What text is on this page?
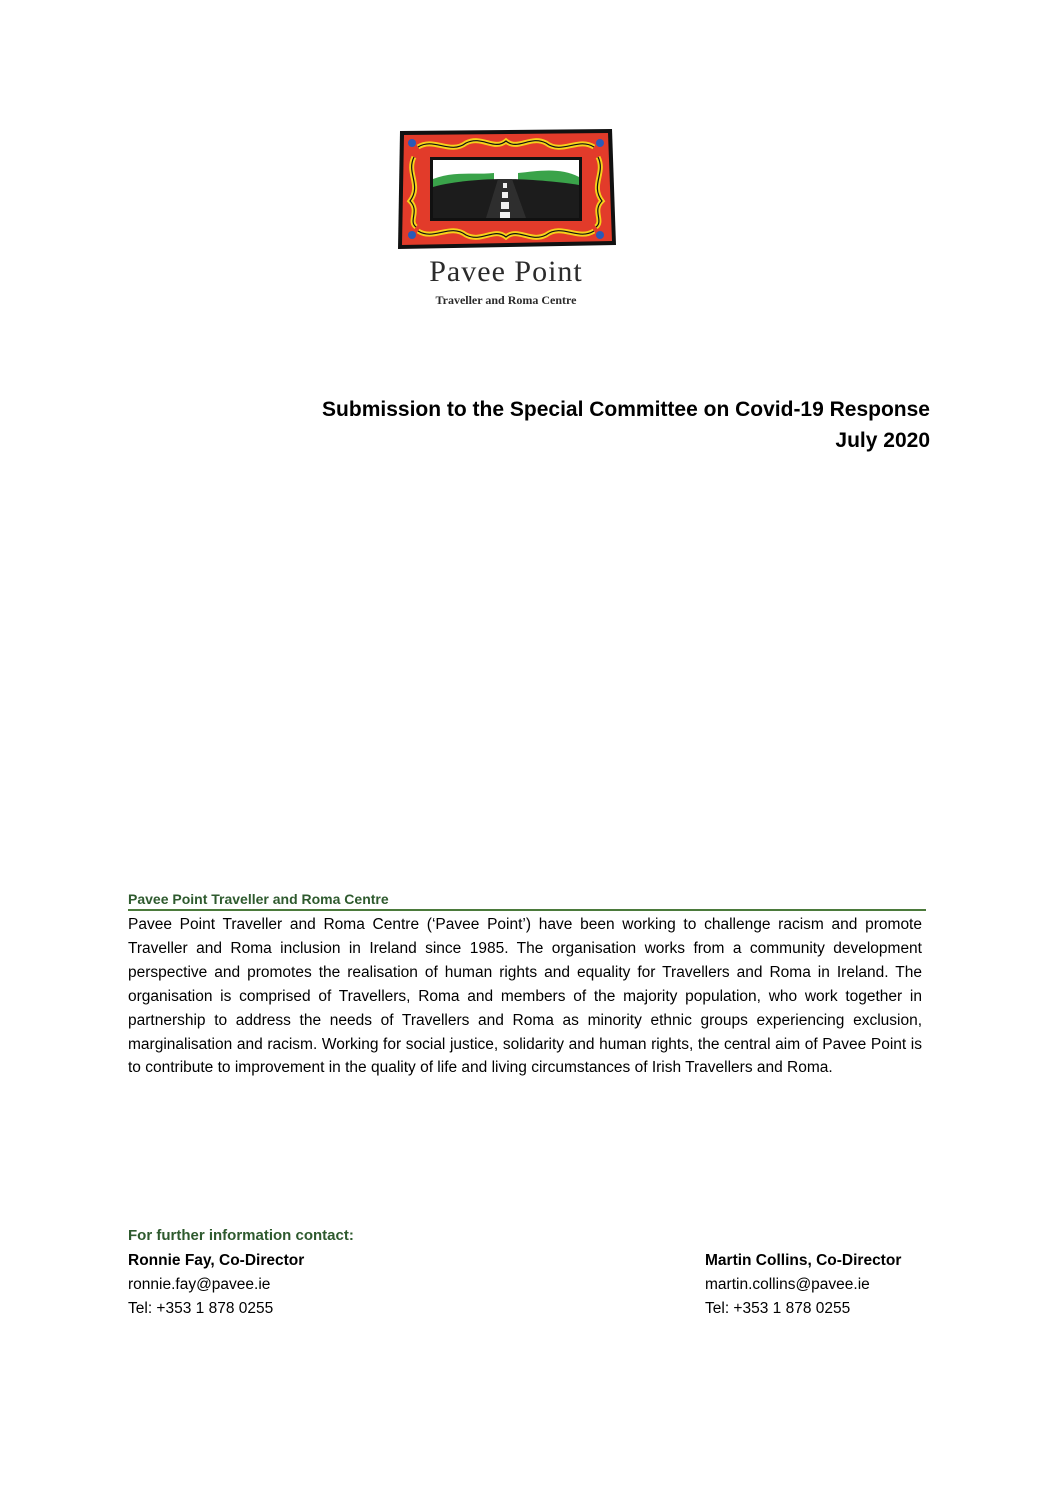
Pavee Point
Traveller and Roma Centre
Submission to the Special Committee on Covid-19 Response
July 2020
Pavee Point Traveller and Roma Centre
Pavee Point Traveller and Roma Centre (‘Pavee Point’) have been working to challenge racism and promote Traveller and Roma inclusion in Ireland since 1985. The organisation works from a community development perspective and promotes the realisation of human rights and equality for Travellers and Roma in Ireland. The organisation is comprised of Travellers, Roma and members of the majority population, who work together in partnership to address the needs of Travellers and Roma as minority ethnic groups experiencing exclusion, marginalisation and racism. Working for social justice, solidarity and human rights, the central aim of Pavee Point is to contribute to improvement in the quality of life and living circumstances of Irish Travellers and Roma.
For further information contact:
Ronnie Fay, Co-Director
ronnie.fay@pavee.ie
Tel: +353 1 878 0255
Martin Collins, Co-Director
martin.collins@pavee.ie
Tel: +353 1 878 0255
